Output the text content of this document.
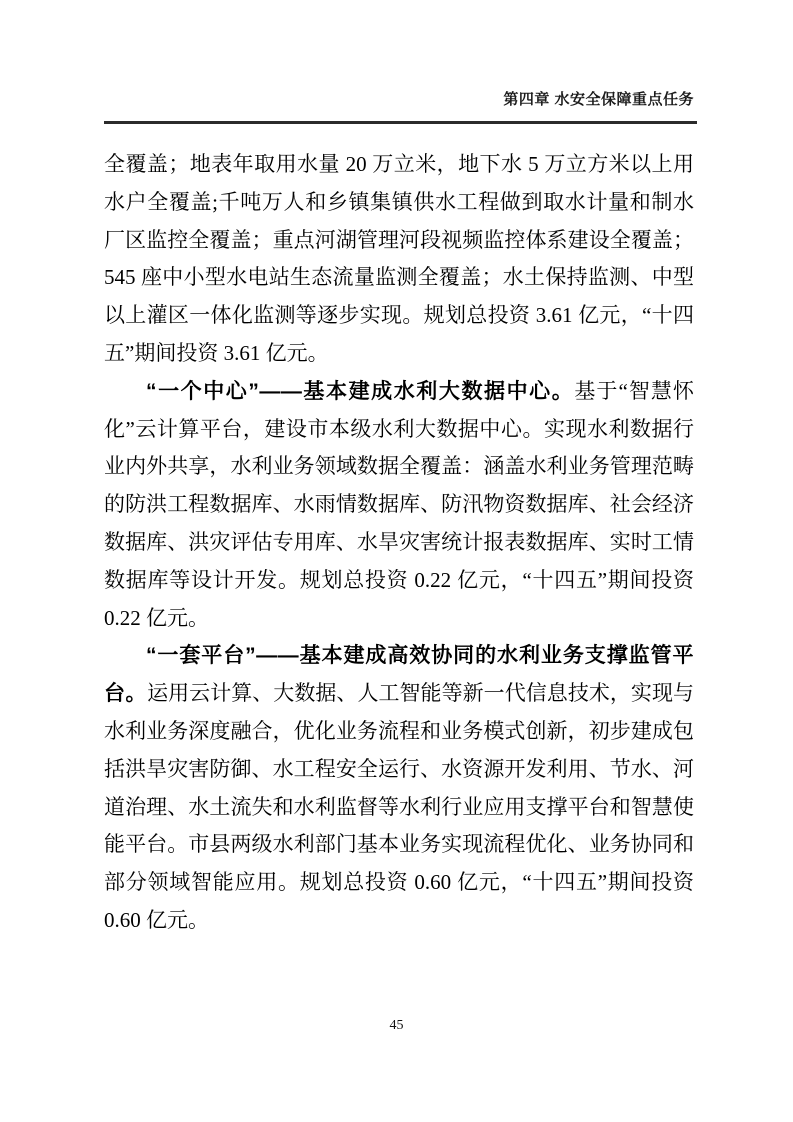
第四章 水安全保障重点任务

全覆盖；地表年取用水量 20 万立米，地下水 5 万立方米以上用水户全覆盖;千吨万人和乡镇集镇供水工程做到取水计量和制水厂区监控全覆盖；重点河湖管理河段视频监控体系建设全覆盖；545 座中小型水电站生态流量监测全覆盖；水土保持监测、中型以上灌区一体化监测等逐步实现。规划总投资 3.61 亿元，“十四五”期间投资 3.61 亿元。

“一个中心”——基本建成水利大数据中心。基于“智慧怀化”云计算平台，建设市本级水利大数据中心。实现水利数据行业内外共享，水利业务领域数据全覆盖：涵盖水利业务管理范畴的防洪工程数据库、水雨情数据库、防汛物资数据库、社会经济数据库、洪灾评估专用库、水旱灾害统计报表数据库、实时工情数据库等设计开发。规划总投资 0.22 亿元，“十四五”期间投资 0.22 亿元。

“一套平台”——基本建成高效协同的水利业务支撑监管平台。运用云计算、大数据、人工智能等新一代信息技术，实现与水利业务深度融合，优化业务流程和业务模式创新，初步建成包括洪旱灾害防御、水工程安全运行、水资源开发利用、节水、河道治理、水土流失和水利监督等水利行业应用支撑平台和智慧使能平台。市县两级水利部门基本业务实现流程优化、业务协同和部分领域智能应用。规划总投资 0.60 亿元，“十四五”期间投资 0.60 亿元。

45
